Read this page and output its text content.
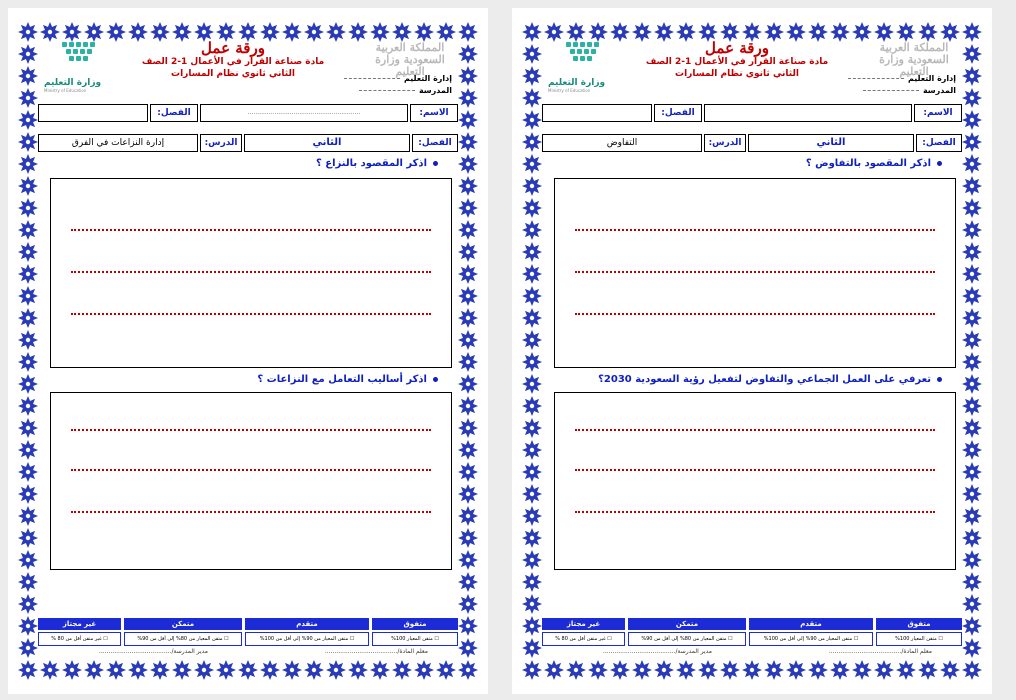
وزارة التعليم
Ministry of Education
المملكة العربية السعودية وزارة التعليم
إدارة التعليم
المدرسة
ورقة عمل
مادة صناعة القرار في الأعمال 1-2 الصف
الثاني ثانوي نظام المسارات
الاسم:
...........................................................
الفصل:
الفصل:
الثاني
الدرس:
إدارة النزاعات في الفرق
اذكر المقصود بالنزاع ؟
اذكر أساليب التعامل مع النزاعات ؟
متفوق
متقدم
متمكن
غير مجتاز
☐ متقن المعيار 100%
☐ متقن المعيار من 90% إلى أقل من 100%
☐ متقن المعيار من 80% إلى أقل من 90%
☐ غير متقن أقل من 80 %
معلم المادة/......................................
مدير المدرسة/......................................
وزارة التعليم
Ministry of Education
المملكة العربية السعودية وزارة التعليم
إدارة التعليم
المدرسة
ورقة عمل
مادة صناعة القرار في الأعمال 1-2 الصف
الثاني ثانوي نظام المسارات
الاسم:
الفصل:
الفصل:
الثاني
الدرس:
التفاوض
اذكر المقصود بالتفاوض ؟
تعرفي على العمل الجماعي والتفاوض لتفعيل رؤية السعودية 2030؟
متفوق
متقدم
متمكن
غير مجتاز
☐ متقن المعيار 100%
☐ متقن المعيار من 90% إلى أقل من 100%
☐ متقن المعيار من 80% إلى أقل من 90%
☐ غير متقن أقل من 80 %
معلم المادة/......................................
مدير المدرسة/......................................
